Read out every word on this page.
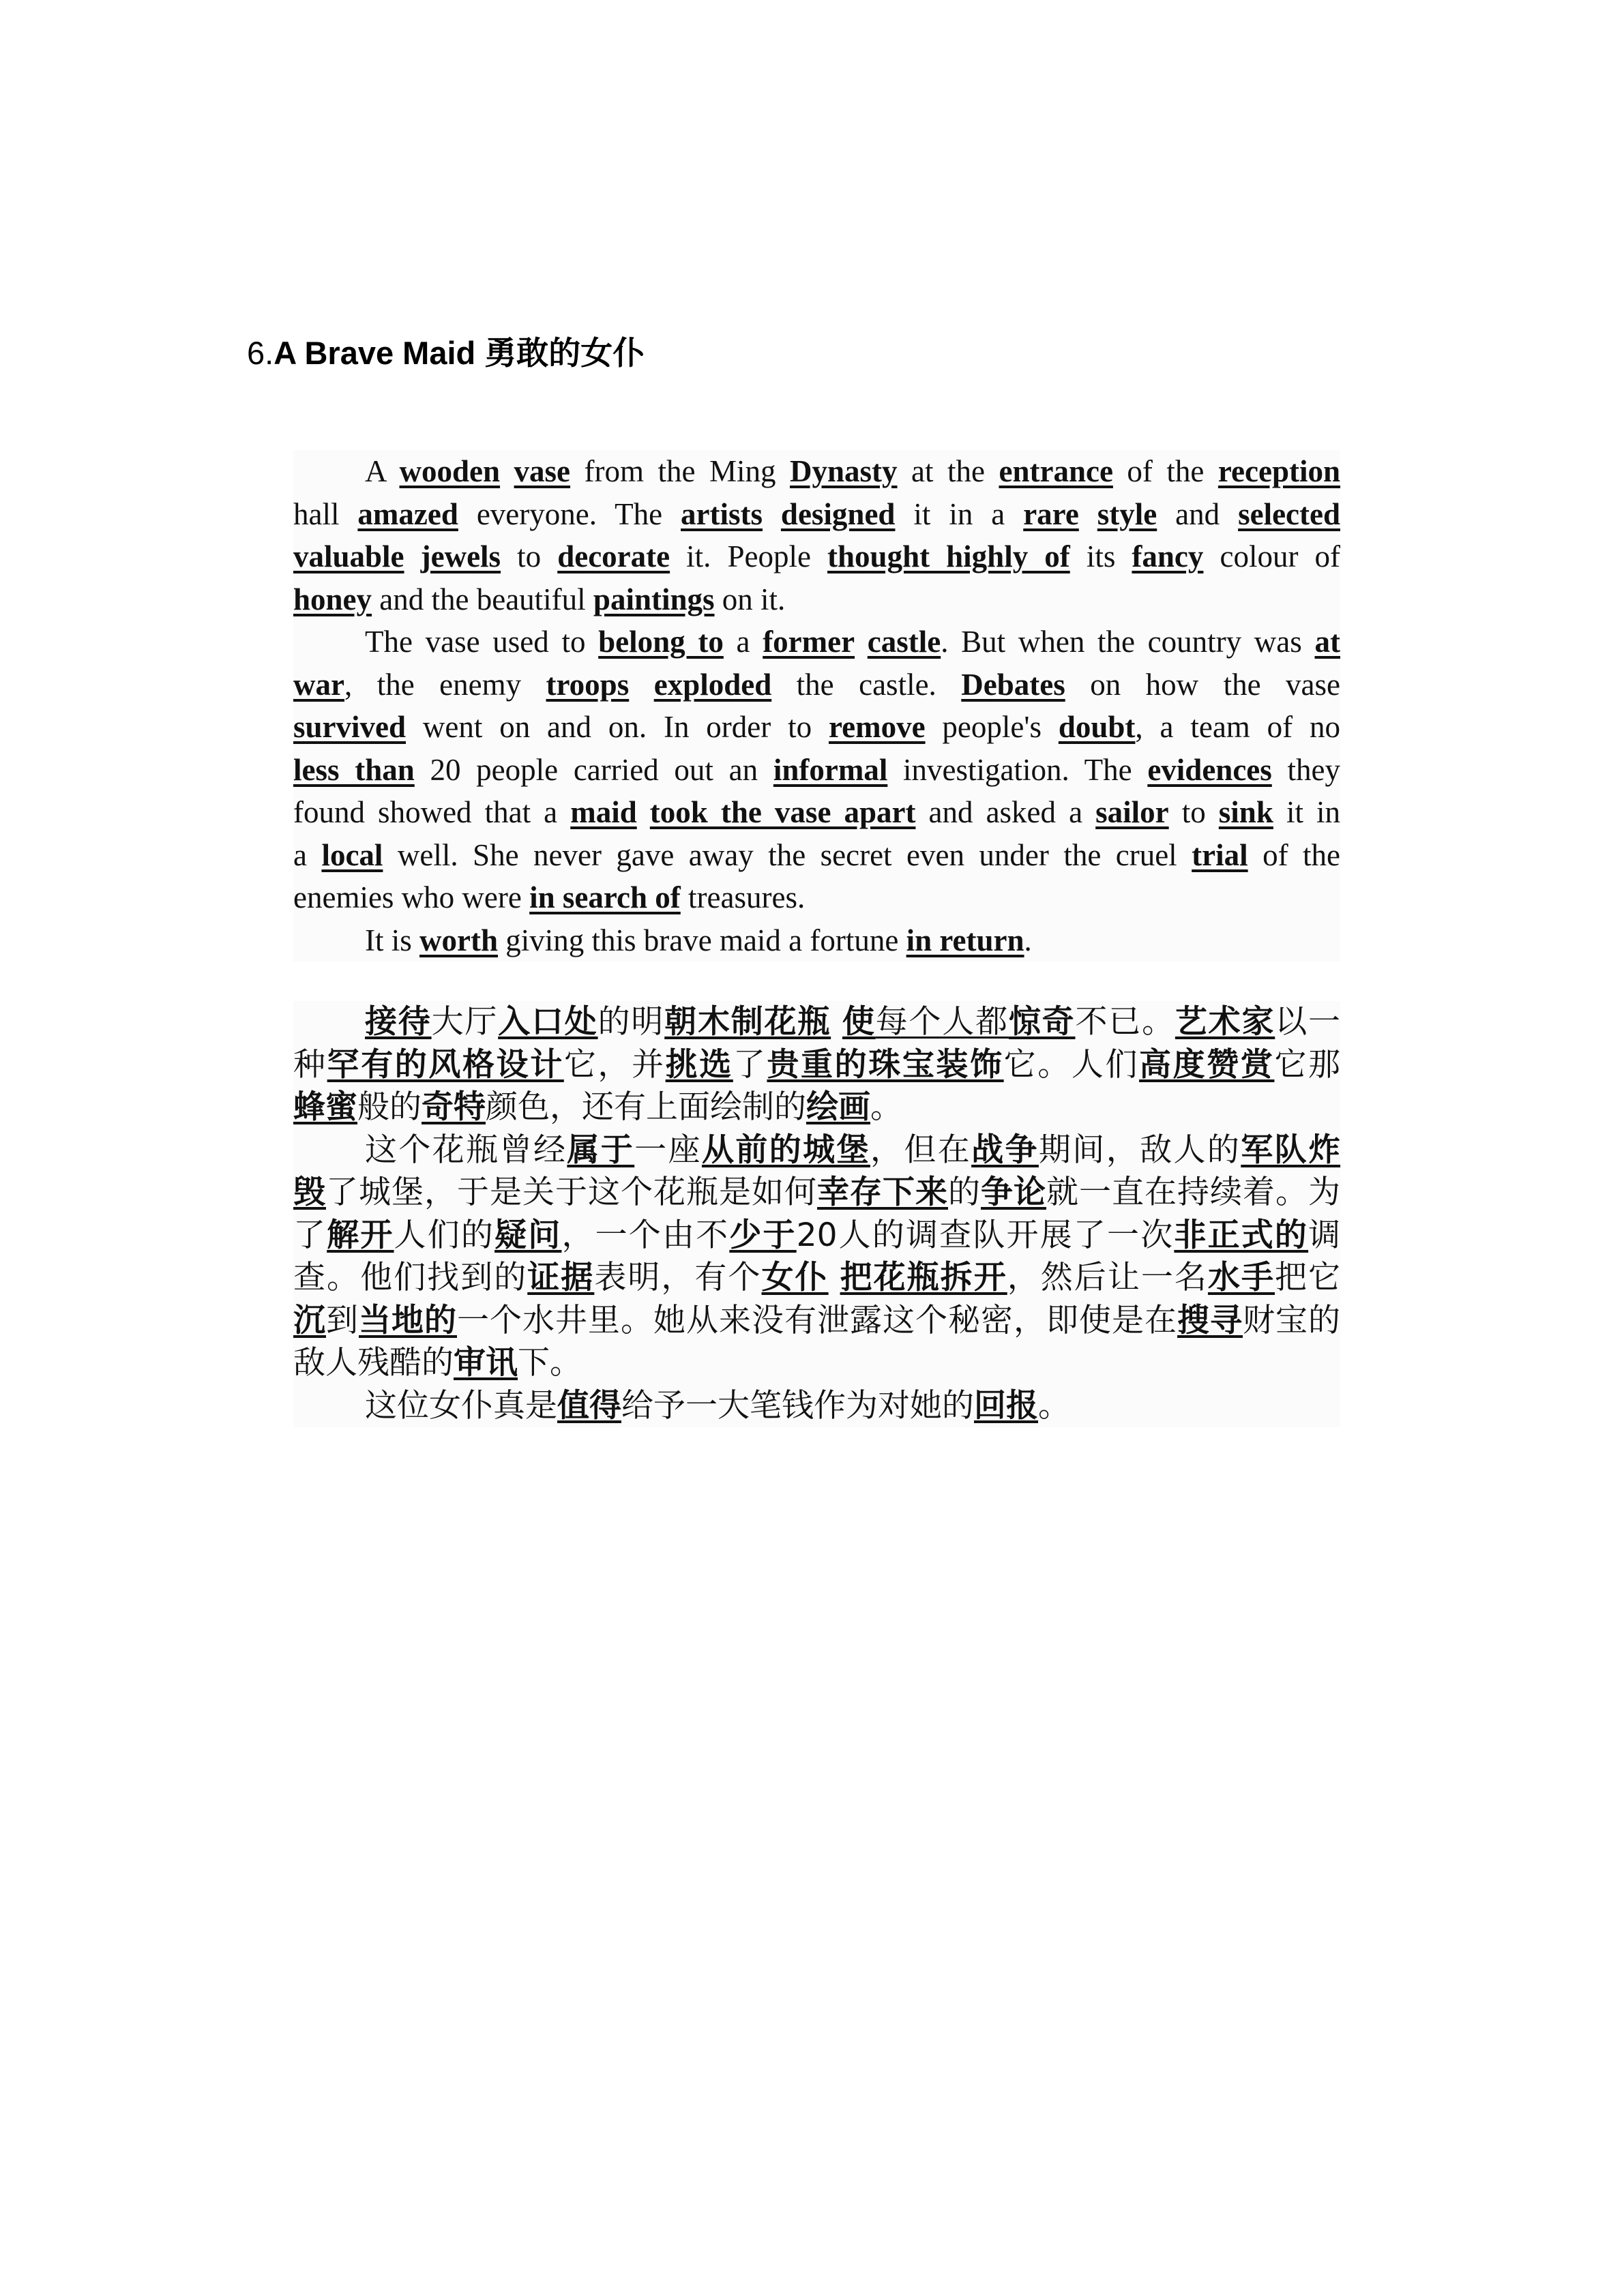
6.A Brave Maid 勇敢的女仆
A wooden vase from the Ming Dynasty at the entrance of the reception
hall amazed everyone. The artists designed it in a rare style and selected
valuable jewels to decorate it. People thought highly of its fancy colour of
honey and the beautiful paintings on it.
The vase used to belong to a former castle. But when the country was at
war, the enemy troops exploded the castle. Debates on how the vase
survived went on and on. In order to remove people's doubt, a team of no
less than 20 people carried out an informal investigation. The evidences they
found showed that a maid took the vase apart and asked a sailor to sink it in
a local well. She never gave away the secret even under the cruel trial of the
enemies who were in search of treasures.
It is worth giving this brave maid a fortune in return.
接待大厅入口处的明朝木制花瓶 使每个人都惊奇不已。艺术家以一
种罕有的风格设计它，并挑选了贵重的珠宝装饰它。人们高度赞赏它那
蜂蜜般的奇特颜色，还有上面绘制的绘画。
这个花瓶曾经属于一座从前的城堡，但在战争期间，敌人的军队炸
毁了城堡，于是关于这个花瓶是如何幸存下来的争论就一直在持续着。为
了解开人们的疑问，一个由不少于20人的调查队开展了一次非正式的调
查。他们找到的证据表明，有个女仆 把花瓶拆开，然后让一名水手把它
沉到当地的一个水井里。她从来没有泄露这个秘密，即使是在搜寻财宝的
敌人残酷的审讯下。
这位女仆真是值得给予一大笔钱作为对她的回报。
